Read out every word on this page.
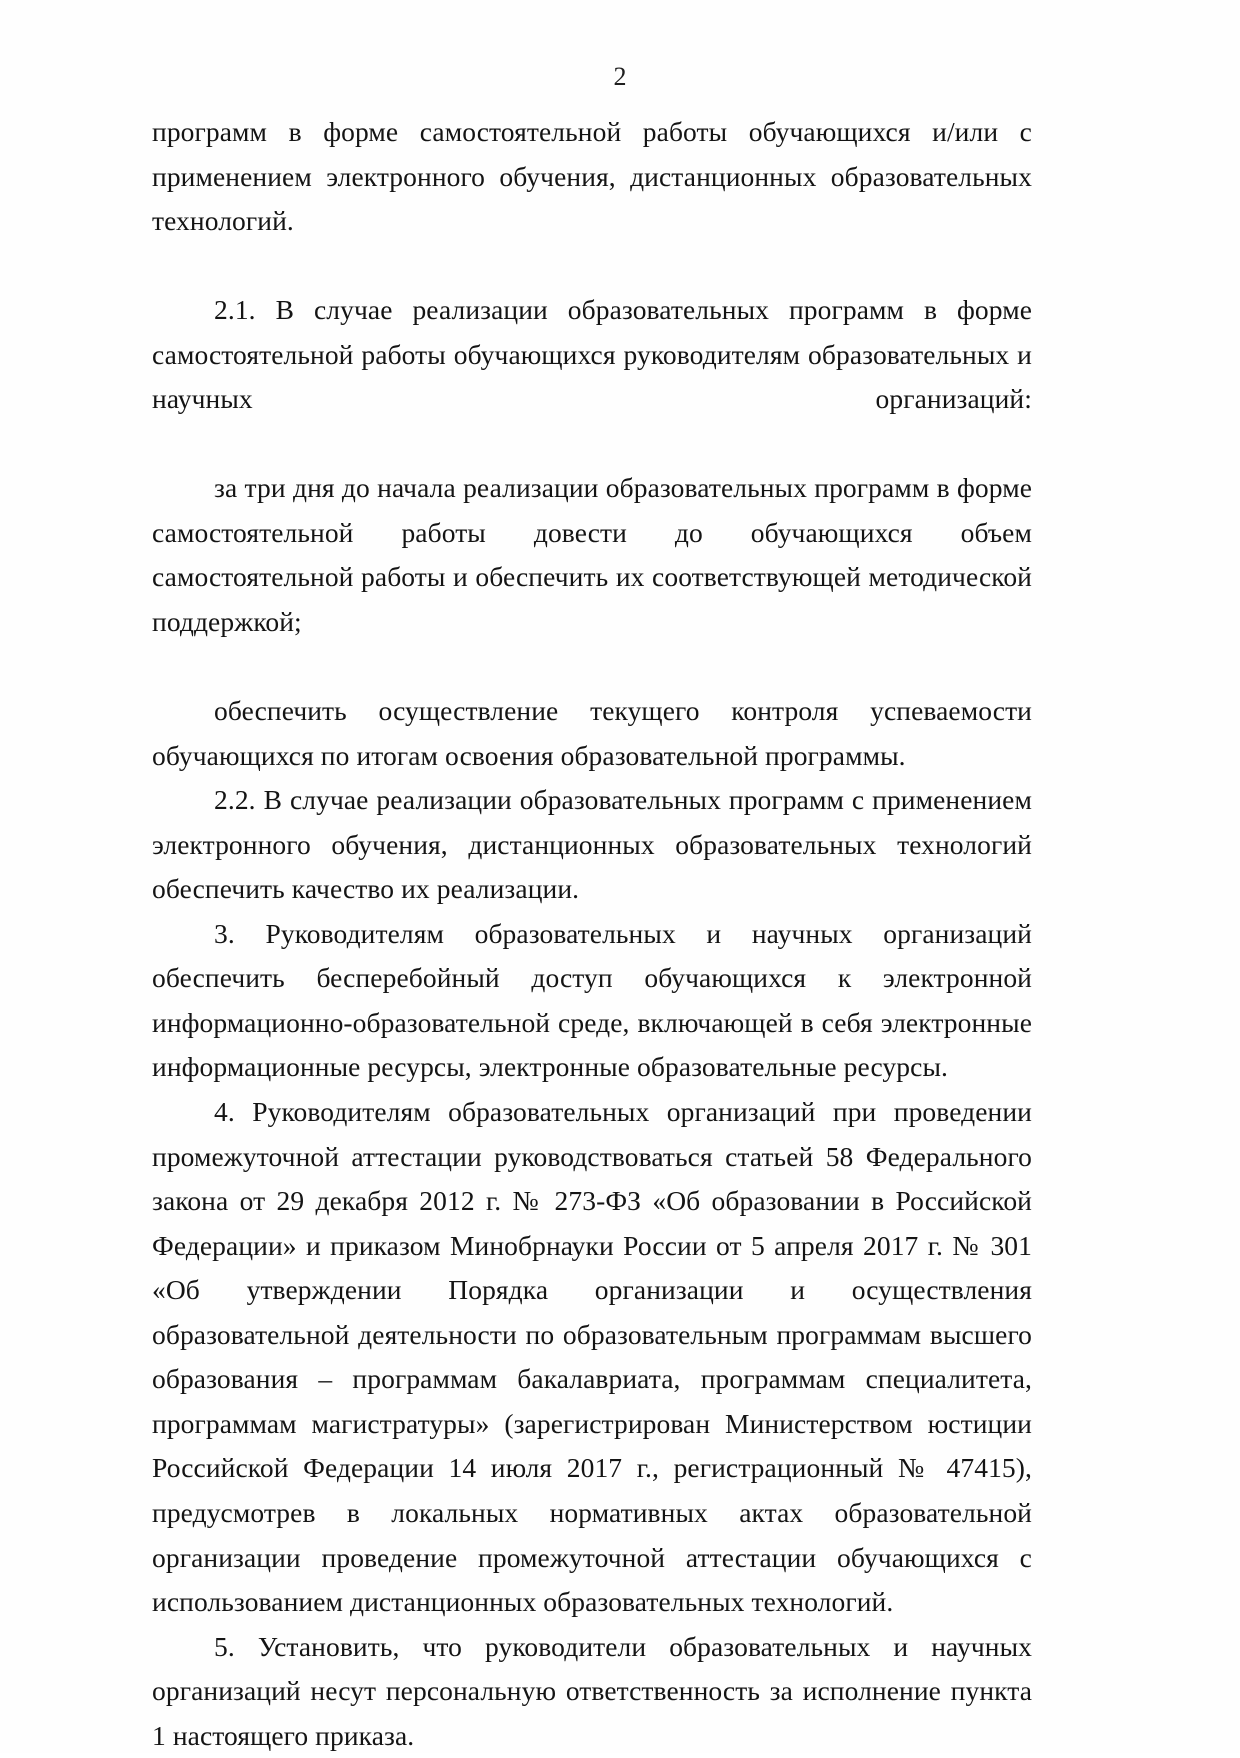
2

программ в форме самостоятельной работы обучающихся и/или с применением электронного обучения, дистанционных образовательных технологий.

2.1. В случае реализации образовательных программ в форме самостоятельной работы обучающихся руководителям образовательных и научных организаций:

за три дня до начала реализации образовательных программ в форме самостоятельной работы довести до обучающихся объем самостоятельной работы и обеспечить их соответствующей методической поддержкой;

обеспечить осуществление текущего контроля успеваемости обучающихся по итогам освоения образовательной программы.

2.2. В случае реализации образовательных программ с применением электронного обучения, дистанционных образовательных технологий обеспечить качество их реализации.

3. Руководителям образовательных и научных организаций обеспечить бесперебойный доступ обучающихся к электронной информационно-образовательной среде, включающей в себя электронные информационные ресурсы, электронные образовательные ресурсы.

4. Руководителям образовательных организаций при проведении промежуточной аттестации руководствоваться статьей 58 Федерального закона от 29 декабря 2012 г. № 273-ФЗ «Об образовании в Российской Федерации» и приказом Минобрнауки России от 5 апреля 2017 г. № 301 «Об утверждении Порядка организации и осуществления образовательной деятельности по образовательным программам высшего образования – программам бакалавриата, программам специалитета, программам магистратуры» (зарегистрирован Министерством юстиции Российской Федерации 14 июля 2017 г., регистрационный № 47415), предусмотрев в локальных нормативных актах образовательной организации проведение промежуточной аттестации обучающихся с использованием дистанционных образовательных технологий.

5. Установить, что руководители образовательных и научных организаций несут персональную ответственность за исполнение пункта 1 настоящего приказа.
